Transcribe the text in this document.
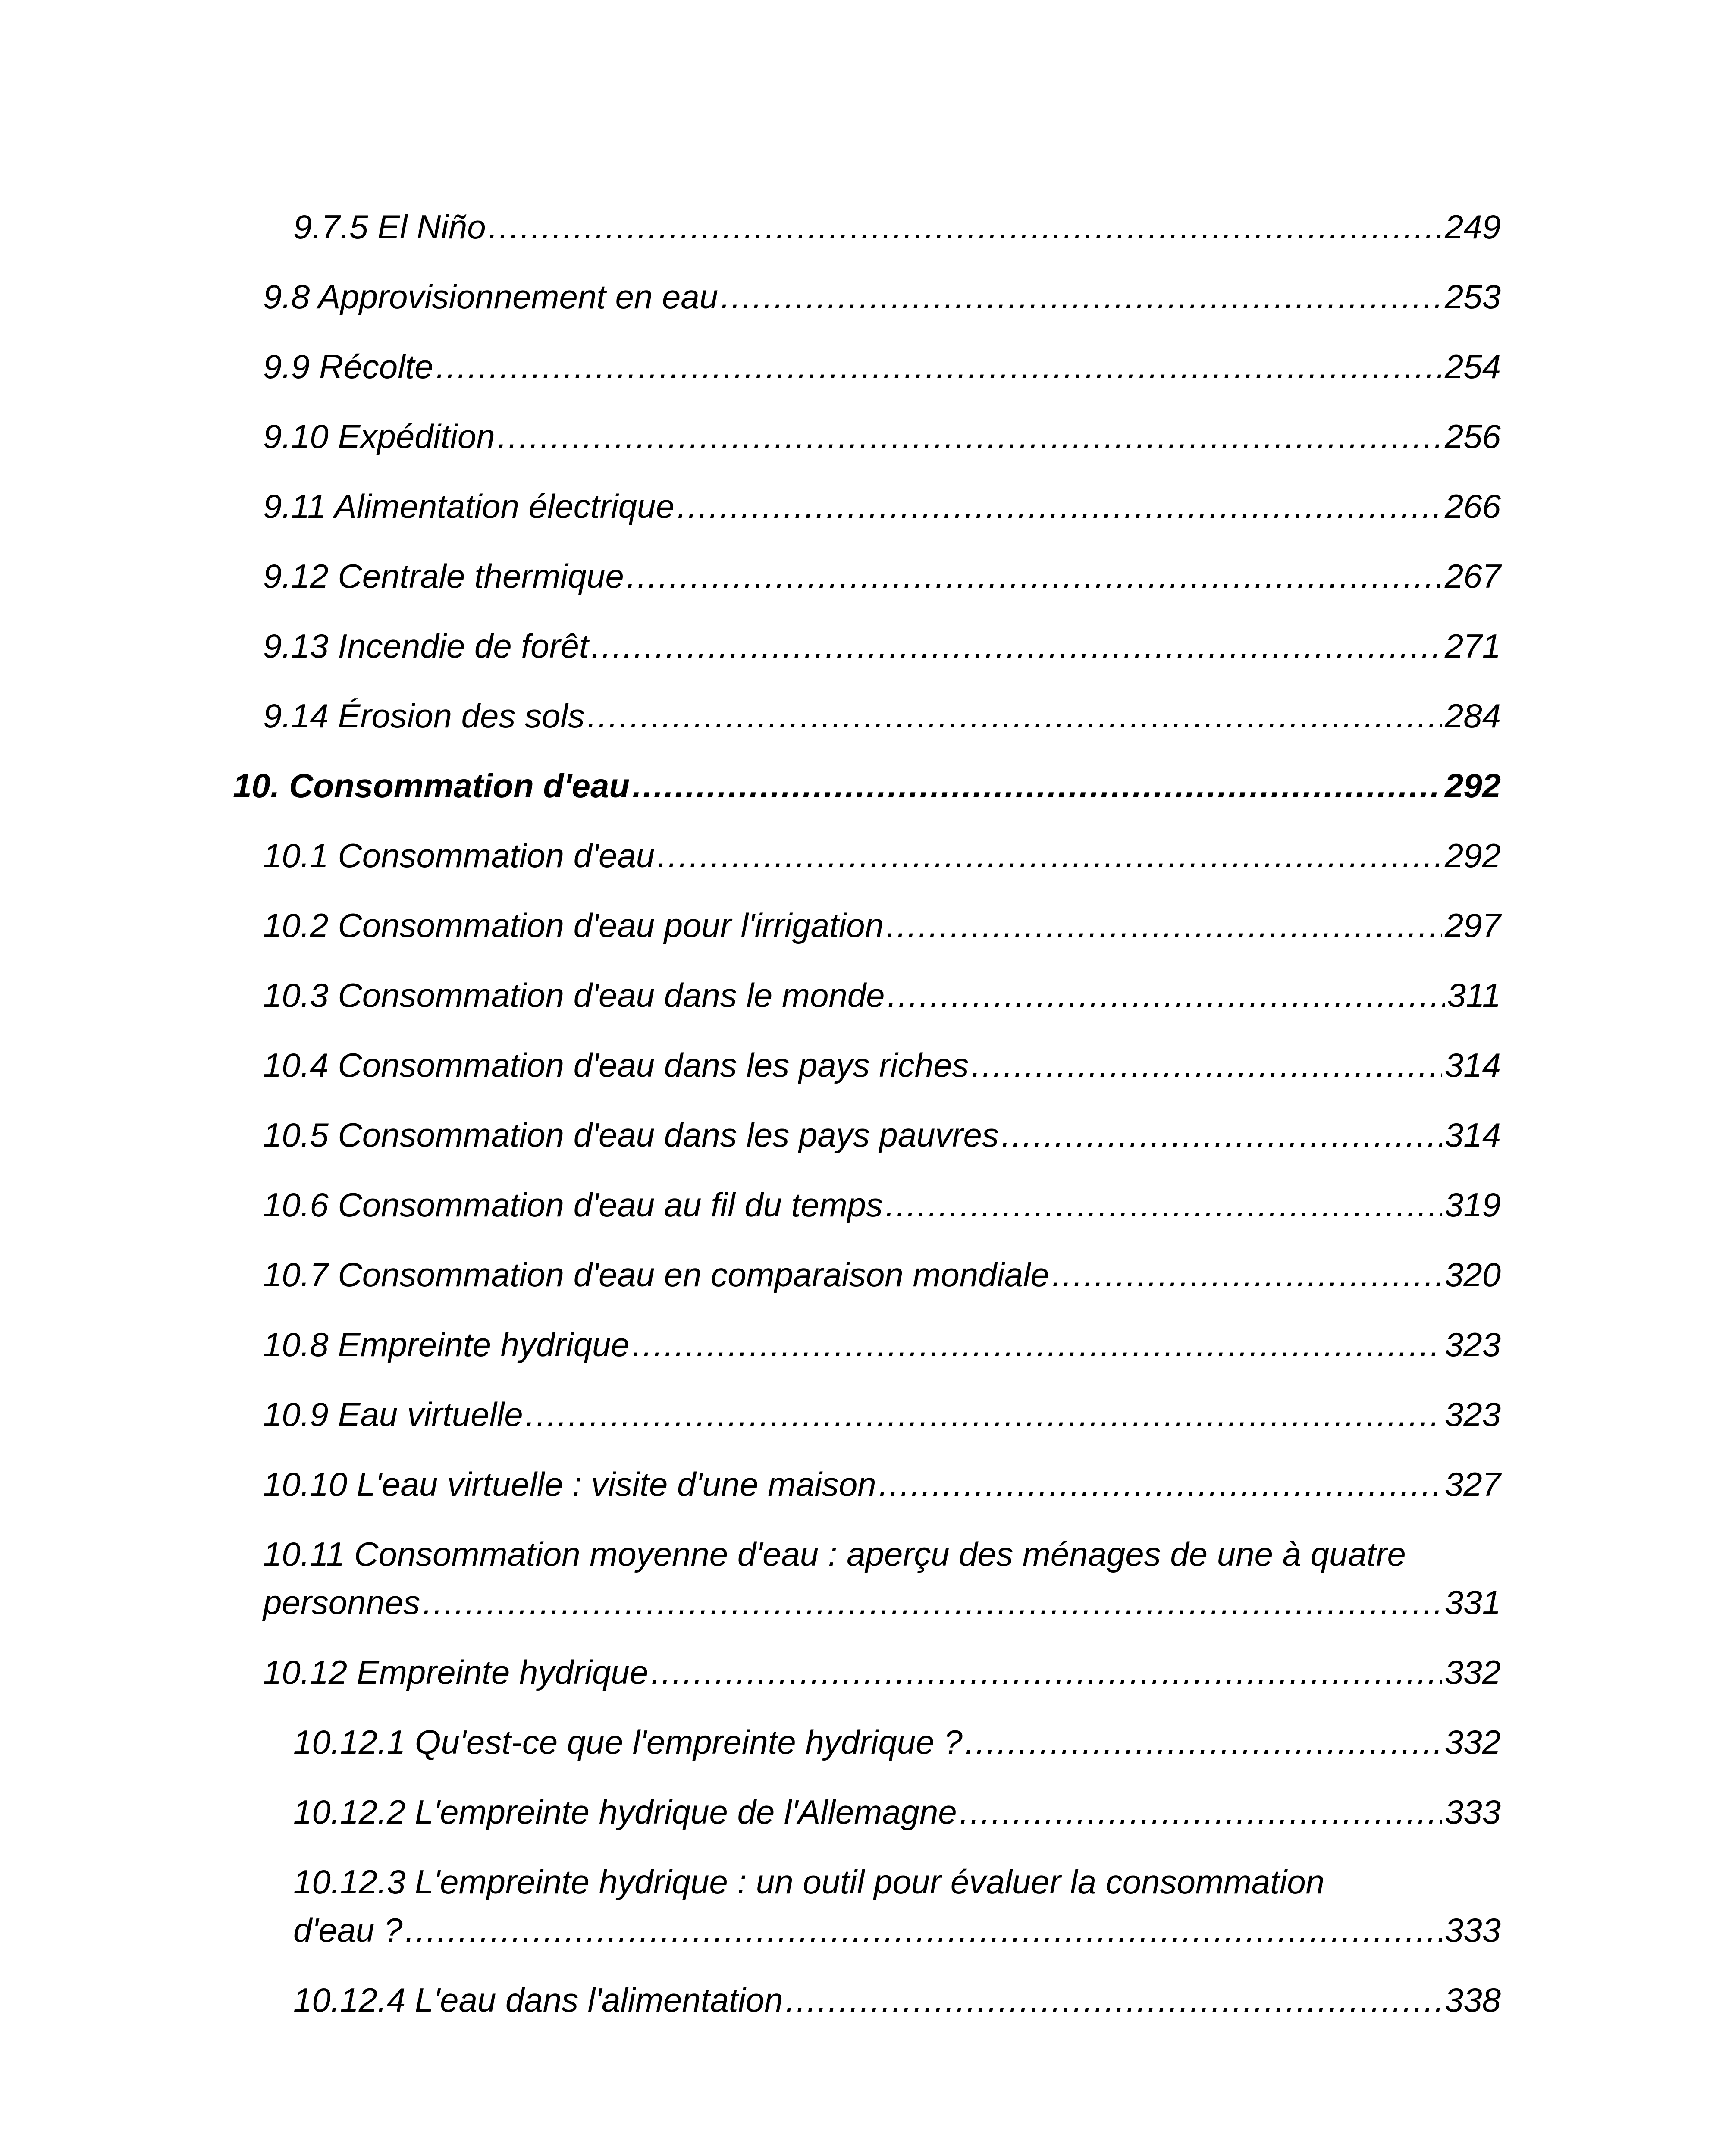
9.7.5 El Niño .....	249
9.8 Approvisionnement en eau .....	253
9.9 Récolte .....	254
9.10 Expédition .....	256
9.11 Alimentation électrique .....	266
9.12 Centrale thermique .....	267
9.13 Incendie de forêt .....	271
9.14 Érosion des sols .....	284
10. Consommation d'eau .....	292
10.1 Consommation d'eau .....	292
10.2 Consommation d'eau pour l'irrigation .....	297
10.3 Consommation d'eau dans le monde .....	311
10.4 Consommation d'eau dans les pays riches .....	314
10.5 Consommation d'eau dans les pays pauvres .....	314
10.6 Consommation d'eau au fil du temps .....	319
10.7 Consommation d'eau en comparaison mondiale .....	320
10.8 Empreinte hydrique .....	323
10.9 Eau virtuelle .....	323
10.10 L'eau virtuelle : visite d'une maison .....	327
10.11 Consommation moyenne d'eau : aperçu des ménages de une à quatre
personnes .....	331
10.12 Empreinte hydrique .....	332
10.12.1 Qu'est-ce que l'empreinte hydrique ? .....	332
10.12.2 L'empreinte hydrique de l'Allemagne .....	333
10.12.3 L'empreinte hydrique : un outil pour évaluer la consommation
d'eau ? .....	333
10.12.4 L'eau dans l'alimentation .....	338
